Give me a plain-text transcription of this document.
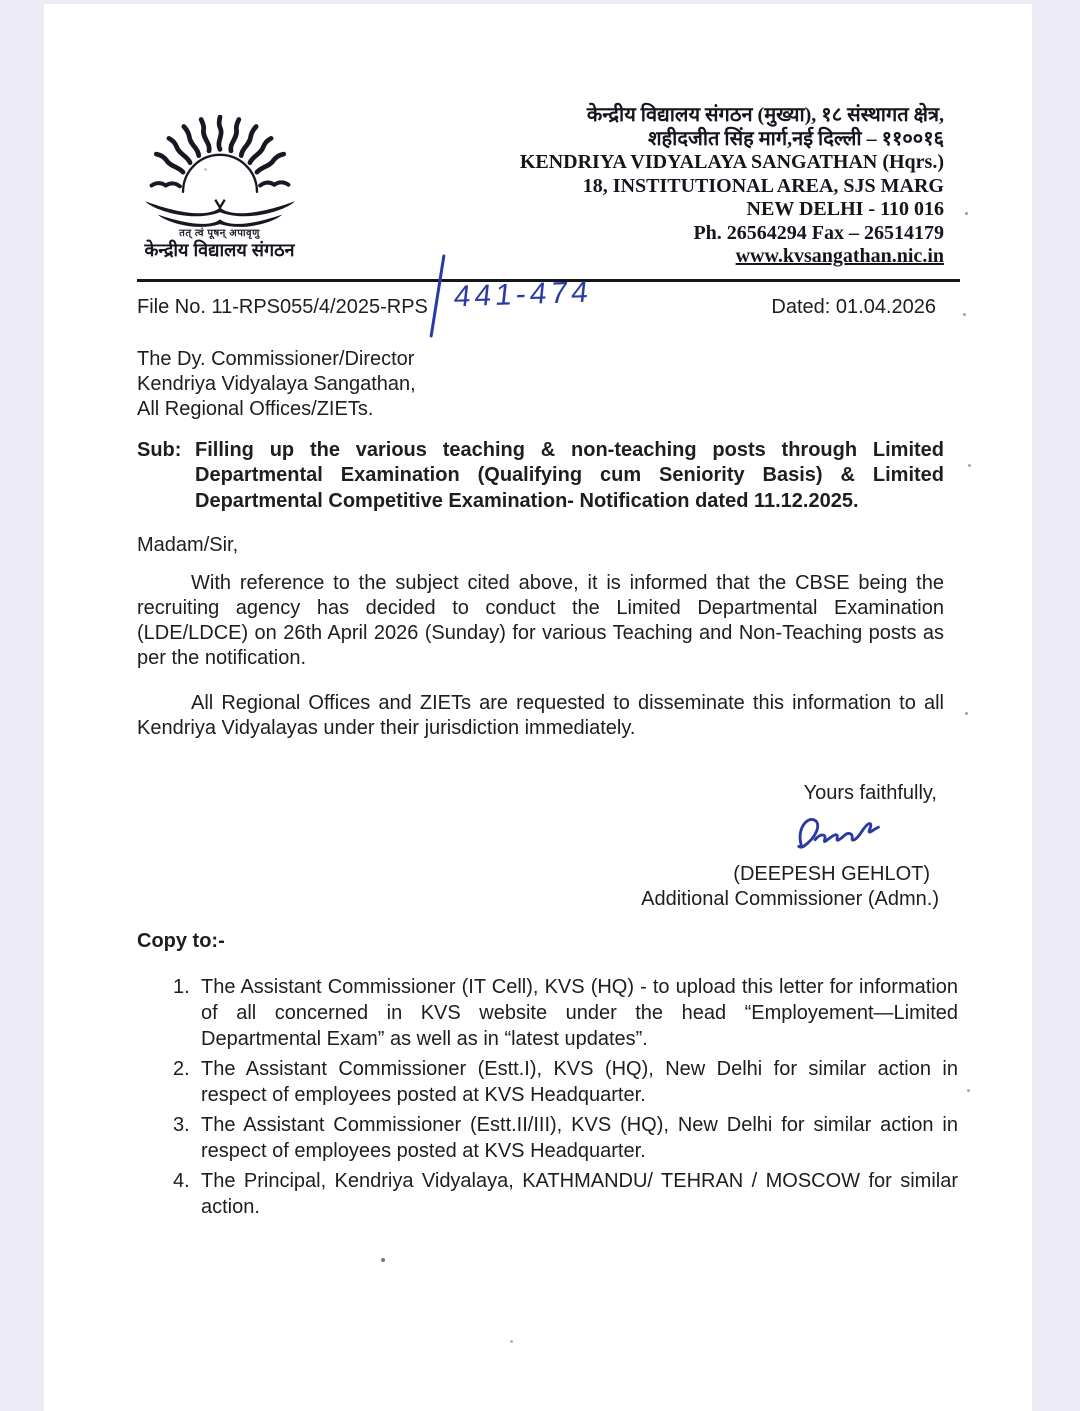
तत् त्वं पूषन् अपावृणु
केन्द्रीय विद्यालय संगठन
केन्द्रीय विद्यालय संगठन (मुख्या), १८ संस्थागत क्षेत्र,
शहीदजीत सिंह मार्ग,नई दिल्ली – ११००१६
KENDRIYA VIDYALAYA SANGATHAN (Hqrs.)
18, INSTITUTIONAL AREA, SJS MARG
NEW DELHI - 110 016
Ph. 26564294 Fax – 26514179
www.kvsangathan.nic.in
File No. 11-RPS055/4/2025-RPS 441-474	Dated: 01.04.2026
The Dy. Commissioner/Director
Kendriya Vidyalaya Sangathan,
All Regional Offices/ZIETs.
Sub: Filling up the various teaching & non-teaching posts through Limited Departmental Examination (Qualifying cum Seniority Basis) & Limited Departmental Competitive Examination- Notification dated 11.12.2025.
Madam/Sir,

With reference to the subject cited above, it is informed that the CBSE being the recruiting agency has decided to conduct the Limited Departmental Examination (LDE/LDCE) on 26th April 2026 (Sunday) for various Teaching and Non-Teaching posts as per the notification.

All Regional Offices and ZIETs are requested to disseminate this information to all Kendriya Vidyalayas under their jurisdiction immediately.

Yours faithfully,
(DEEPESH GEHLOT)
Additional Commissioner (Admn.)
Copy to:-
1. The Assistant Commissioner (IT Cell), KVS (HQ) - to upload this letter for information of all concerned in KVS website under the head “Employement—Limited Departmental Exam” as well as in “latest updates”.
2. The Assistant Commissioner (Estt.I), KVS (HQ), New Delhi for similar action in respect of employees posted at KVS Headquarter.
3. The Assistant Commissioner (Estt.II/III), KVS (HQ), New Delhi for similar action in respect of employees posted at KVS Headquarter.
4. The Principal, Kendriya Vidyalaya, KATHMANDU/ TEHRAN / MOSCOW for similar action.
